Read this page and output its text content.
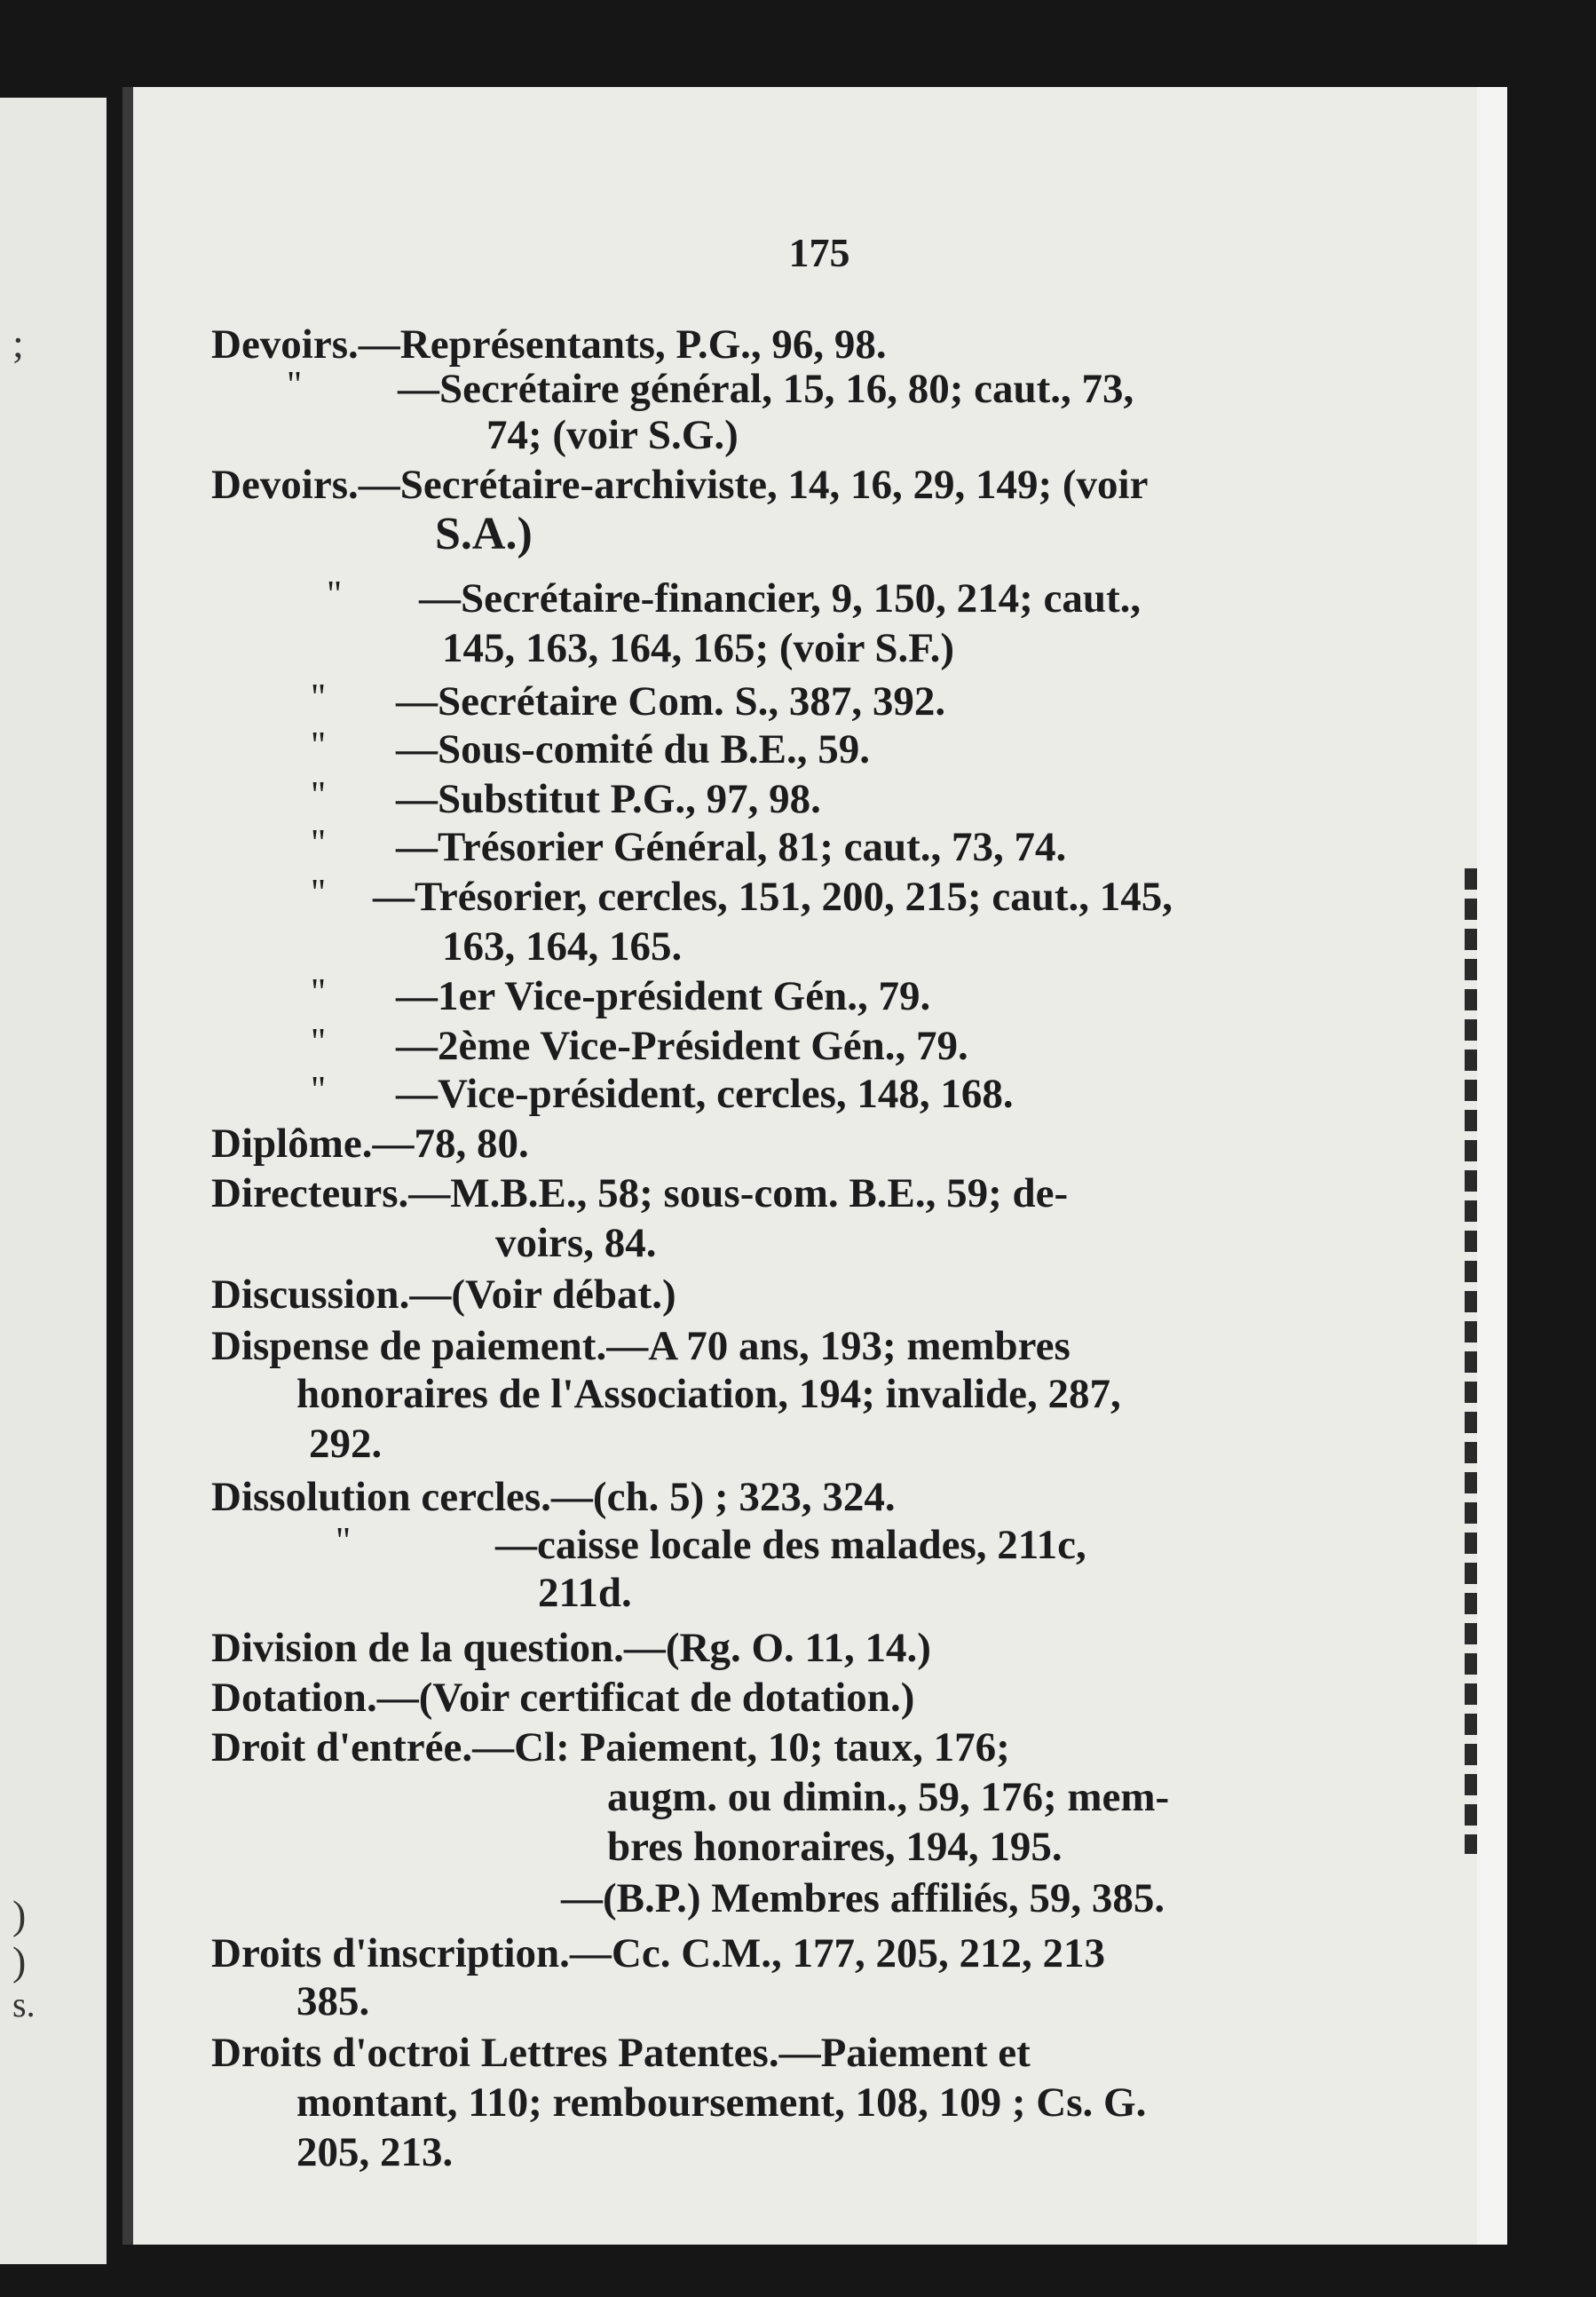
;
)
)
s.
175
Devoirs.—Représentants, P.G., 96, 98.
" —Secrétaire général, 15, 16, 80; caut., 73,
74; (voir S.G.)
Devoirs.—Secrétaire-archiviste, 14, 16, 29, 149; (voir
S.A.)
" —Secrétaire-financier, 9, 150, 214; caut.,
145, 163, 164, 165; (voir S.F.)
" —Secrétaire Com. S., 387, 392.
" —Sous-comité du B.E., 59.
" —Substitut P.G., 97, 98.
" —Trésorier Général, 81; caut., 73, 74.
" —Trésorier, cercles, 151, 200, 215; caut., 145,
163, 164, 165.
" —1er Vice-président Gén., 79.
" —2ème Vice-Président Gén., 79.
" —Vice-président, cercles, 148, 168.
Diplôme.—78, 80.
Directeurs.—M.B.E., 58; sous-com. B.E., 59; de-
voirs, 84.
Discussion.—(Voir débat.)
Dispense de paiement.—A 70 ans, 193; membres
honoraires de l'Association, 194; invalide, 287,
292.
Dissolution cercles.—(ch. 5) ; 323, 324.
"	—caisse locale des malades, 211c,
211d.
Division de la question.—(Rg. O. 11, 14.)
Dotation.—(Voir certificat de dotation.)
Droit d'entrée.—Cl: Paiement, 10; taux, 176;
augm. ou dimin., 59, 176; mem-
bres honoraires, 194, 195.
—(B.P.) Membres affiliés, 59, 385.
Droits d'inscription.—Cc. C.M., 177, 205, 212, 213
385.
Droits d'octroi Lettres Patentes.—Paiement et
montant, 110; remboursement, 108, 109 ; Cs. G.
205, 213.
